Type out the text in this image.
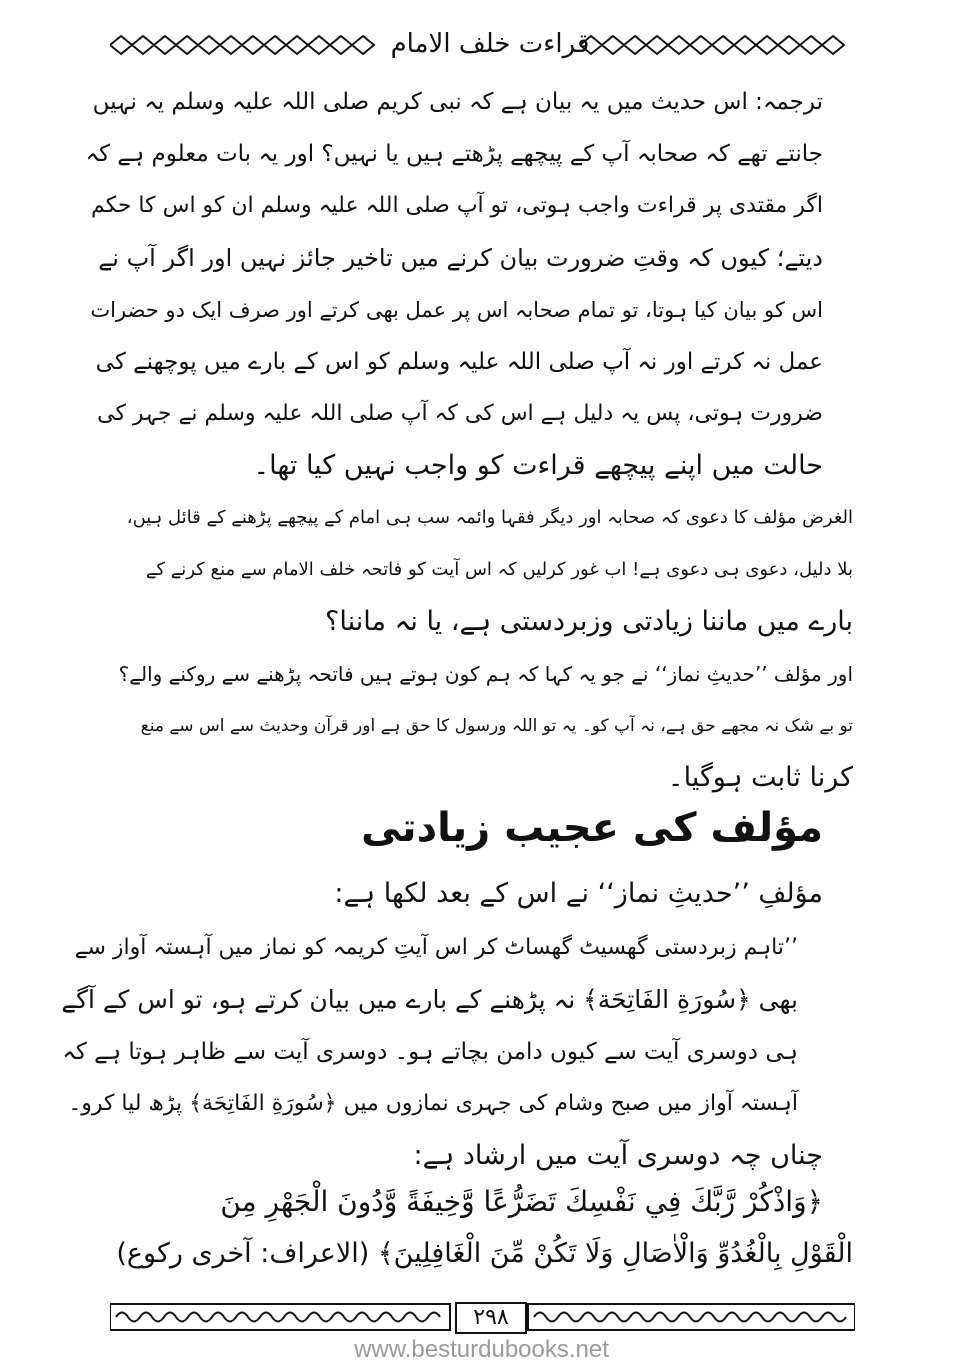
قراءت خلف الامام
ترجمہ: اس حدیث میں یہ بیان ہے کہ نبی کریم صلی اللہ علیہ وسلم یہ نہیں
جانتے تھے کہ صحابہ آپ کے پیچھے پڑھتے ہیں یا نہیں؟ اور یہ بات معلوم ہے کہ
اگر مقتدی پر قراءت واجب ہوتی، تو آپ صلی اللہ علیہ وسلم ان کو اس کا حکم
دیتے؛ کیوں کہ وقتِ ضرورت بیان کرنے میں تاخیر جائز نہیں اور اگر آپ نے
اس کو بیان کیا ہوتا، تو تمام صحابہ اس پر عمل بھی کرتے اور صرف ایک دو حضرات
عمل نہ کرتے اور نہ آپ صلی اللہ علیہ وسلم کو اس کے بارے میں پوچھنے کی
ضرورت ہوتی، پس یہ دلیل ہے اس کی کہ آپ صلی اللہ علیہ وسلم نے جہر کی
حالت میں اپنے پیچھے قراءت کو واجب نہیں کیا تھا۔
الغرض مؤلف کا دعوی کہ صحابہ اور دیگر فقہا وائمہ سب ہی امام کے پیچھے پڑھنے کے قائل ہیں،
بلا دلیل، دعوی ہی دعوی ہے! اب غور کرلیں کہ اس آیت کو فاتحہ خلف الامام سے منع کرنے کے
بارے میں ماننا زیادتی وزبردستی ہے، یا نہ ماننا؟
اور مؤلف ’’حدیثِ نماز‘‘ نے جو یہ کہا کہ ہم کون ہوتے ہیں فاتحہ پڑھنے سے روکنے والے؟
تو بے شک نہ مجھے حق ہے، نہ آپ کو۔ یہ تو اللہ ورسول کا حق ہے اور قرآن وحدیث سے اس سے منع
کرنا ثابت ہوگیا۔
مؤلف کی عجیب زیادتی
مؤلفِ ’’حدیثِ نماز‘‘ نے اس کے بعد لکھا ہے:
’’تاہم زبردستی گھسیٹ گھساٹ کر اس آیتِ کریمہ کو نماز میں آہستہ آواز سے
بھی ﴿سُورَةِ الفَاتِحَة﴾ نہ پڑھنے کے بارے میں بیان کرتے ہو، تو اس کے آگے
ہی دوسری آیت سے کیوں دامن بچاتے ہو۔ دوسری آیت سے ظاہر ہوتا ہے کہ
آہستہ آواز میں صبح وشام کی جہری نمازوں میں ﴿سُورَةِ الفَاتِحَة﴾ پڑھ لیا کرو۔
چناں چہ دوسری آیت میں ارشاد ہے:
﴿وَاذْكُرْ رَّبَّكَ فِي نَفْسِكَ تَضَرُّعًا وَّخِيفَةً وَّدُونَ الْجَهْرِ مِنَ
الْقَوْلِ بِالْغُدُوِّ وَالْاٰصَالِ وَلَا تَكُنْ مِّنَ الْغَافِلِينَ﴾ (الاعراف: آخری رکوع)
۲۹۸
www.besturdubooks.net
